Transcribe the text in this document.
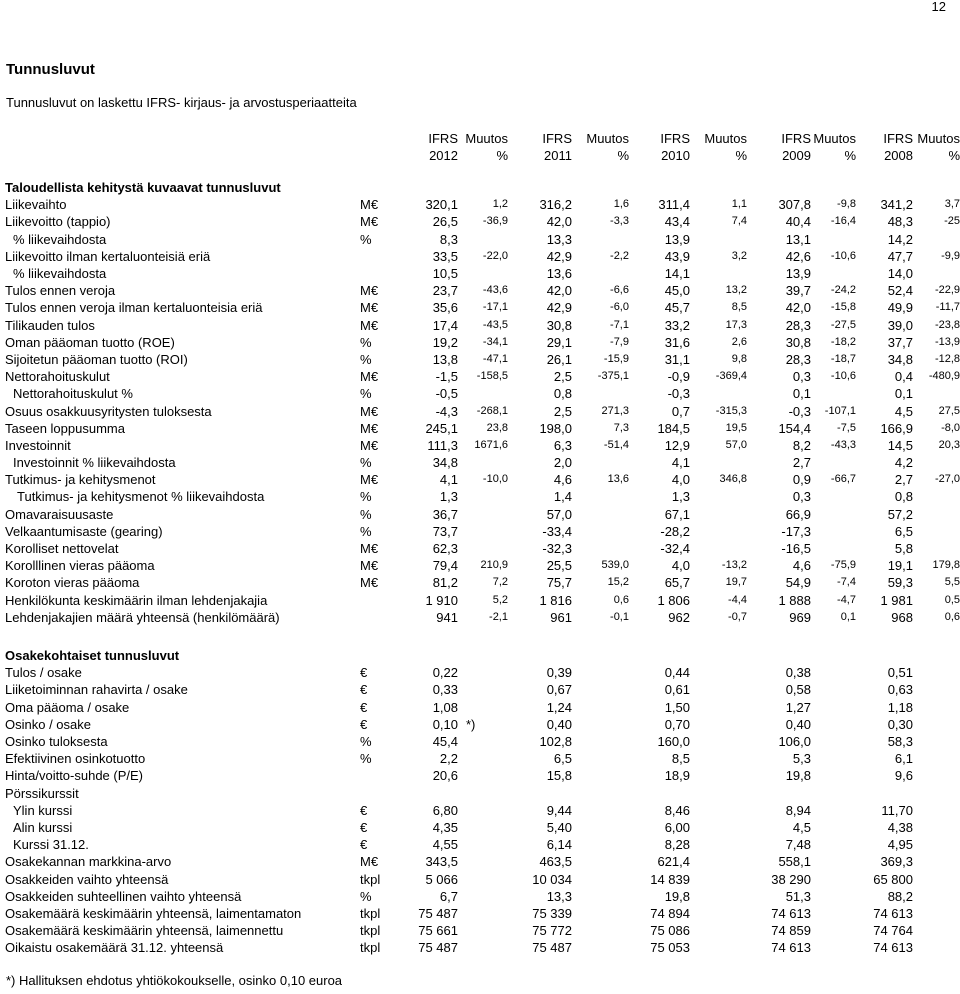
12
Tunnusluvut
Tunnusluvut on laskettu IFRS- kirjaus- ja arvostusperiaatteita
		IFRS	Muutos	IFRS	Muutos	IFRS	Muutos	IFRS	Muutos	IFRS	Muutos
		2012	%	2011	%	2010	%	2009	%	2008	%
Taloudellista kehitystä kuvaavat tunnusluvut											
Liikevaihto	M€	320,1	1,2	316,2	1,6	311,4	1,1	307,8	-9,8	341,2	3,7
Liikevoitto (tappio)	M€	26,5	-36,9	42,0	-3,3	43,4	7,4	40,4	-16,4	48,3	-25
% liikevaihdosta	%	8,3		13,3		13,9		13,1		14,2	
Liikevoitto ilman kertaluonteisiä eriä		33,5	-22,0	42,9	-2,2	43,9	3,2	42,6	-10,6	47,7	-9,9
% liikevaihdosta		10,5		13,6		14,1		13,9		14,0	
Tulos ennen veroja	M€	23,7	-43,6	42,0	-6,6	45,0	13,2	39,7	-24,2	52,4	-22,9
Tulos ennen veroja ilman kertaluonteisia eriä	M€	35,6	-17,1	42,9	-6,0	45,7	8,5	42,0	-15,8	49,9	-11,7
Tilikauden tulos	M€	17,4	-43,5	30,8	-7,1	33,2	17,3	28,3	-27,5	39,0	-23,8
Oman pääoman tuotto (ROE)	%	19,2	-34,1	29,1	-7,9	31,6	2,6	30,8	-18,2	37,7	-13,9
Sijoitetun pääoman tuotto (ROI)	%	13,8	-47,1	26,1	-15,9	31,1	9,8	28,3	-18,7	34,8	-12,8
Nettorahoituskulut	M€	-1,5	-158,5	2,5	-375,1	-0,9	-369,4	0,3	-10,6	0,4	-480,9
Nettorahoituskulut %	%	-0,5		0,8		-0,3		0,1		0,1	
Osuus osakkuusyritysten tuloksesta	M€	-4,3	-268,1	2,5	271,3	0,7	-315,3	-0,3	-107,1	4,5	27,5
Taseen loppusumma	M€	245,1	23,8	198,0	7,3	184,5	19,5	154,4	-7,5	166,9	-8,0
Investoinnit	M€	111,3	1671,6	6,3	-51,4	12,9	57,0	8,2	-43,3	14,5	20,3
Investoinnit % liikevaihdosta	%	34,8		2,0		4,1		2,7		4,2	
Tutkimus- ja kehitysmenot	M€	4,1	-10,0	4,6	13,6	4,0	346,8	0,9	-66,7	2,7	-27,0
Tutkimus- ja kehitysmenot % liikevaihdosta	%	1,3		1,4		1,3		0,3		0,8	
Omavaraisuusaste	%	36,7		57,0		67,1		66,9		57,2	
Velkaantumisaste (gearing)	%	73,7		-33,4		-28,2		-17,3		6,5	
Korolliset nettovelat	M€	62,3		-32,3		-32,4		-16,5		5,8	
Korolllinen vieras pääoma	M€	79,4	210,9	25,5	539,0	4,0	-13,2	4,6	-75,9	19,1	179,8
Koroton vieras pääoma	M€	81,2	7,2	75,7	15,2	65,7	19,7	54,9	-7,4	59,3	5,5
Henkilökunta keskimäärin ilman lehdenjakajia		1 910	5,2	1 816	0,6	1 806	-4,4	1 888	-4,7	1 981	0,5
Lehdenjakajien määrä yhteensä (henkilömäärä)		941	-2,1	961	-0,1	962	-0,7	969	0,1	968	0,6
Osakekohtaiset tunnusluvut											
Tulos / osake	€	0,22		0,39		0,44		0,38		0,51	
Liiketoiminnan rahavirta / osake	€	0,33		0,67		0,61		0,58		0,63	
Oma pääoma / osake	€	1,08		1,24		1,50		1,27		1,18	
Osinko / osake	€	0,10	*)	0,40		0,70		0,40		0,30	
Osinko tuloksesta	%	45,4		102,8		160,0		106,0		58,3	
Efektiivinen osinkotuotto	%	2,2		6,5		8,5		5,3		6,1	
Hinta/voitto-suhde (P/E)		20,6		15,8		18,9		19,8		9,6	
Pörssikurssit											
Ylin kurssi	€	6,80		9,44		8,46		8,94		11,70	
Alin kurssi	€	4,35		5,40		6,00		4,5		4,38	
Kurssi 31.12.	€	4,55		6,14		8,28		7,48		4,95	
Osakekannan markkina-arvo	M€	343,5		463,5		621,4		558,1		369,3	
Osakkeiden vaihto yhteensä	tkpl	5 066		10 034		14 839		38 290		65 800	
Osakkeiden suhteellinen vaihto yhteensä	%	6,7		13,3		19,8		51,3		88,2	
Osakemäärä keskimäärin yhteensä, laimentamaton	tkpl	75 487		75 339		74 894		74 613		74 613	
Osakemäärä keskimäärin yhteensä, laimennettu	tkpl	75 661		75 772		75 086		74 859		74 764	
Oikaistu osakemäärä 31.12. yhteensä	tkpl	75 487		75 487		75 053		74 613		74 613	
*) Hallituksen ehdotus yhtiökokoukselle, osinko 0,10 euroa
